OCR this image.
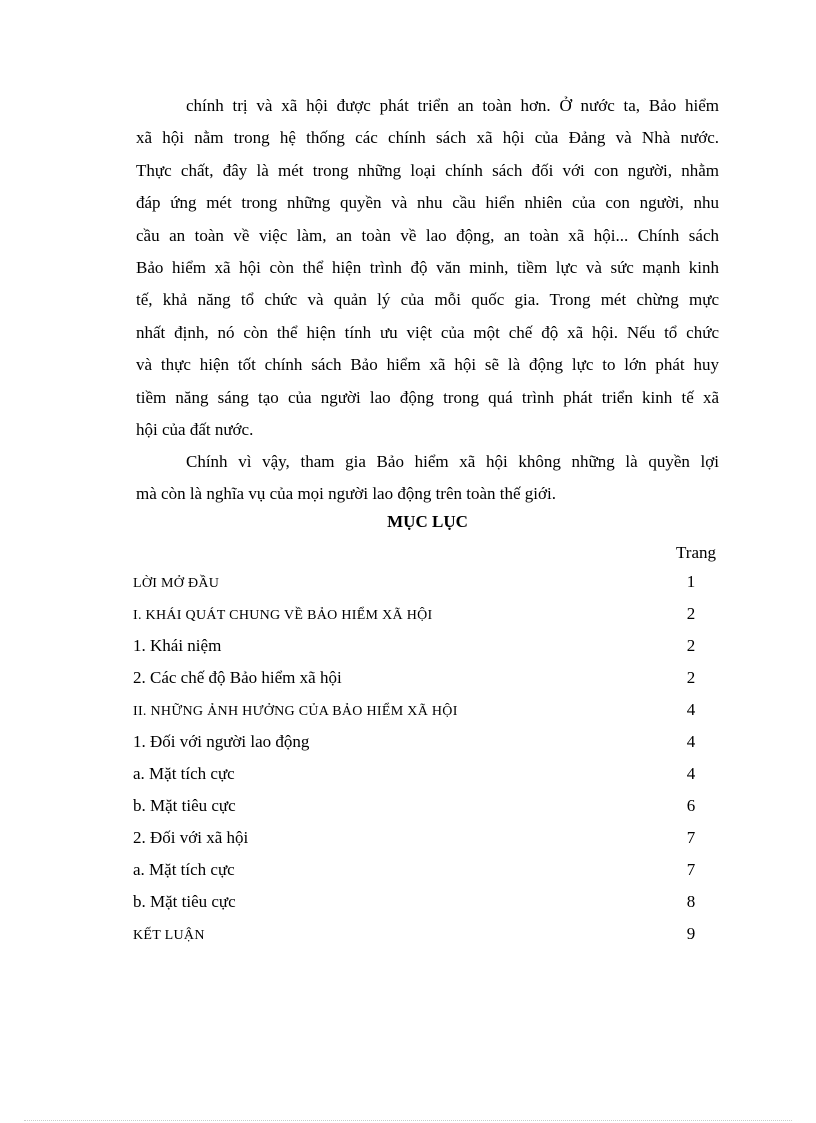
chính trị và xã hội được phát triển an toàn hơn. Ở nước ta, Bảo hiểm
xã hội nằm trong hệ thống các chính sách xã hội của Đảng và Nhà nước.
Thực chất, đây là mét trong những loại chính sách đối với con người, nhằm
đáp ứng mét trong những quyền và nhu cầu hiển nhiên của con người, nhu
cầu an toàn về việc làm, an toàn về lao động, an toàn xã hội... Chính sách
Bảo hiểm xã hội còn thể hiện trình độ văn minh, tiềm lực và sức mạnh kinh
tế, khả năng tổ chức và quản lý của mỗi quốc gia. Trong mét chừng mực
nhất định, nó còn thể hiện tính ưu việt của một chế độ xã hội. Nếu tổ chức
và thực hiện tốt chính sách Bảo hiểm xã hội sẽ là động lực to lớn phát huy
tiềm năng sáng tạo của người lao động trong quá trình phát triển kinh tế xã
hội của đất nước.
Chính vì vậy, tham gia Bảo hiểm xã hội không những là quyền lợi
mà còn là nghĩa vụ của mọi người lao động trên toàn thế giới.
MỤC LỤC
Trang
LỜI MỞ ĐẦU	1
I. KHÁI QUÁT CHUNG VỀ BẢO HIỂM XÃ HỘI	2
1. Khái niệm	2
2. Các chế độ Bảo hiểm xã hội	2
II. NHỮNG ẢNH HƯỞNG CỦA BẢO HIỂM XÃ HỘI	4
1. Đối với người lao động	4
a. Mặt tích cực	4
b. Mặt tiêu cực	6
2. Đối với xã hội	7
a. Mặt tích cực	7
b. Mặt tiêu cực	8
KẾT LUẬN	9
